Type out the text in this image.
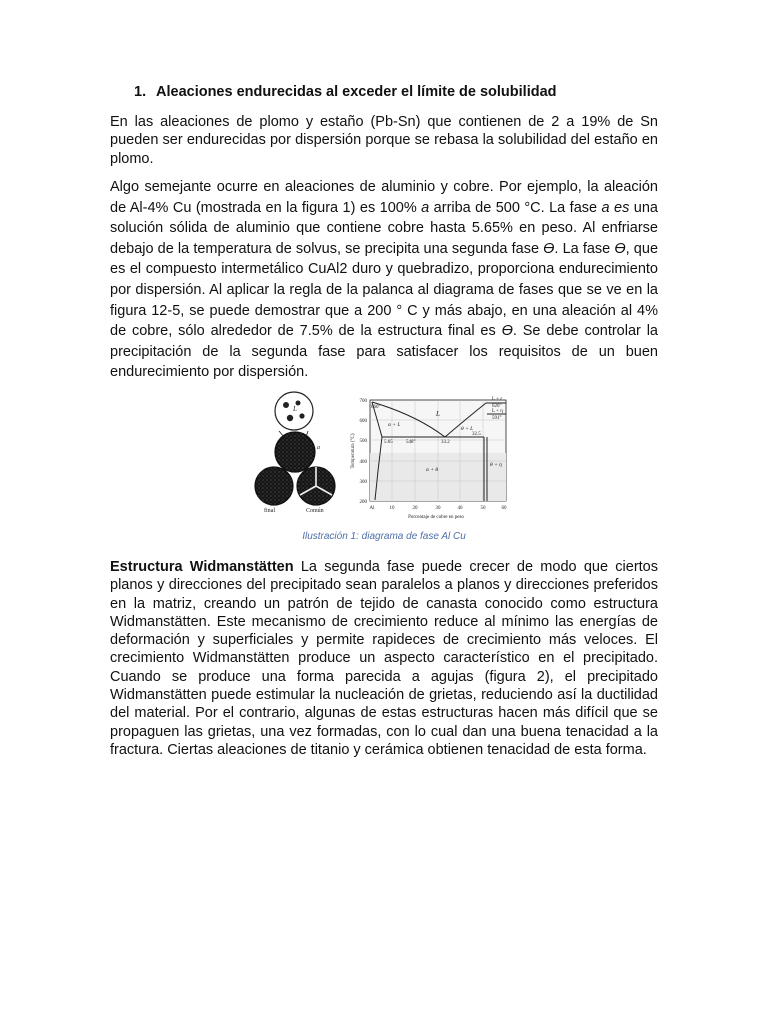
1. Aleaciones endurecidas al exceder el límite de solubilidad

En las aleaciones de plomo y estaño (Pb-Sn) que contienen de 2 a 19% de Sn pueden ser endurecidas por dispersión porque se rebasa la solubilidad del estaño en plomo.

Algo semejante ocurre en aleaciones de aluminio y cobre. Por ejemplo, la aleación de Al-4% Cu (mostrada en la figura 1) es 100% a arriba de 500 °C. La fase a es una solución sólida de aluminio que contiene cobre hasta 5.65% en peso. Al enfriarse debajo de la temperatura de solvus, se precipita una segunda fase Ɵ. La fase Ɵ, que es el compuesto intermetálico CuAl2 duro y quebradizo, proporciona endurecimiento por dispersión. Al aplicar la regla de la palanca al diagrama de fases que se ve en la figura 12-5, se puede demostrar que a 200 ° C y más abajo, en una aleación al 4% de cobre, sólo alrededor de 7.5% de la estructura final es Ɵ. Se debe controlar la precipitación de la segunda fase para satisfacer los requisitos de un buen endurecimiento por dispersión.

L
a
final	Común
700
600
500
400
300
200
Al	10	20	30	40	50	60
Porcentaje de cobre en peso
Temperatura (°C)
660°
5.65	548°	33.2
32.5
L + ε
626°
L + η
591°
L
α + L
θ + L
α + θ
θ + η
Ilustración 1: diagrama de fase Al Cu

Estructura Widmanstätten La segunda fase puede crecer de modo que ciertos planos y direcciones del precipitado sean paralelos a planos y direcciones preferidos en la matriz, creando un patrón de tejido de canasta conocido como estructura Widmanstätten. Este mecanismo de crecimiento reduce al mínimo las energías de deformación y superficiales y permite rapideces de crecimiento más veloces. El crecimiento Widmanstätten produce un aspecto característico en el precipitado. Cuando se produce una forma parecida a agujas (figura 2), el precipitado Widmanstätten puede estimular la nucleación de grietas, reduciendo así la ductilidad del material. Por el contrario, algunas de estas estructuras hacen más difícil que se propaguen las grietas, una vez formadas, con lo cual dan una buena tenacidad a la fractura. Ciertas aleaciones de titanio y cerámica obtienen tenacidad de esta forma.
